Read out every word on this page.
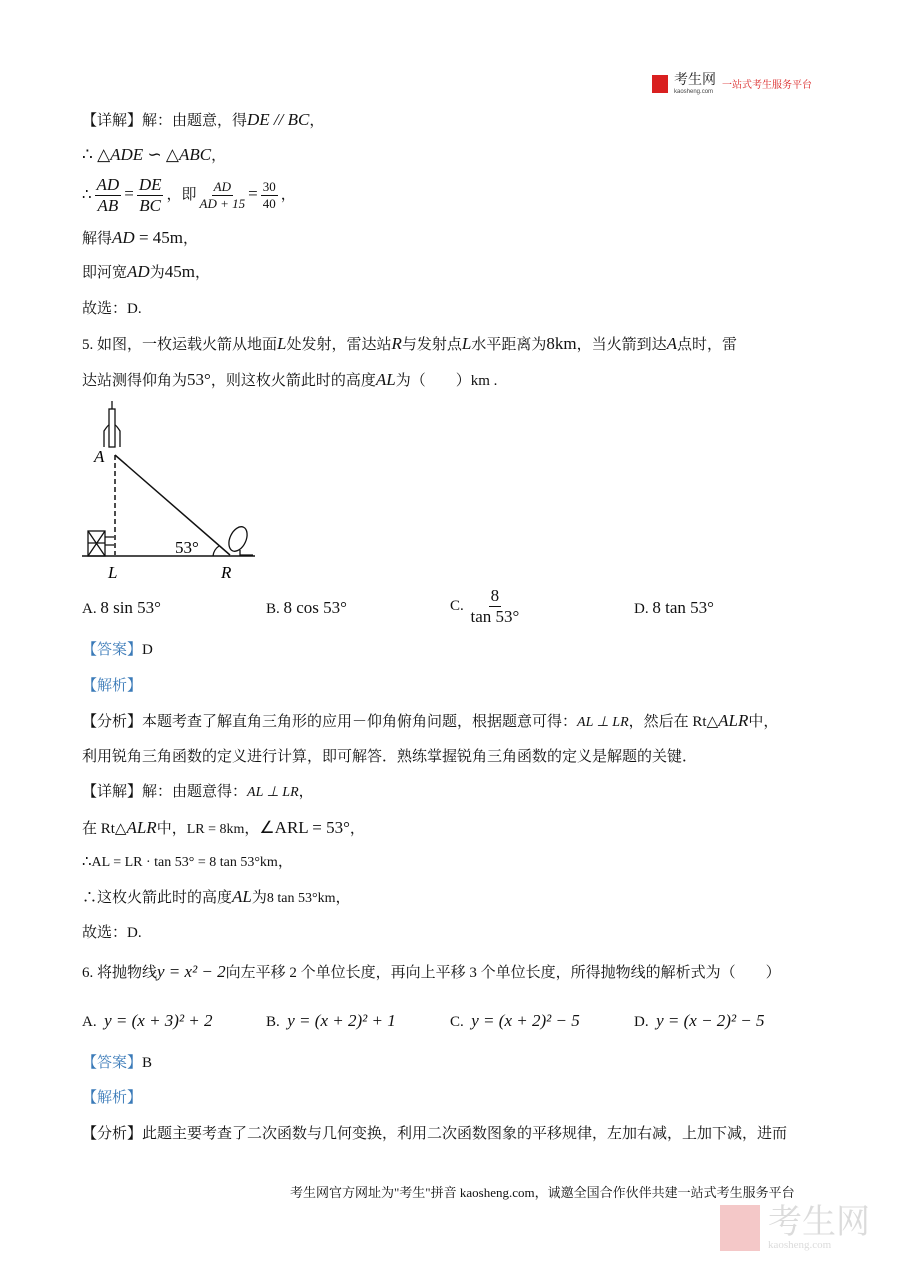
考生网
kaosheng.com
一站式考生服务平台
【详解】解：由题意，得DE // BC，
∴ △ADE ∽ △ABC，
∴ $\frac{AD}{AB} = \frac{DE}{BC}$ ，即 $\frac{AD}{AD + 15} = \frac{30}{40}$ ，
解得AD = 45m，
即河宽AD为45m，
故选：D.
5. 如图，一枚运载火箭从地面L处发射，雷达站R与发射点L水平距离为8km，当火箭到达A点时，雷
达站测得仰角为53°，则这枚火箭此时的高度AL为（　　）km .
A
L	R
53°
A. 8 sin 53°	B. 8 cos 53°	C. $\frac{8}{\tan 53^\circ}$	D. 8 tan 53°
【答案】D
【解析】
【分析】本题考查了解直角三角形的应用－仰角俯角问题，根据题意可得：AL ⊥ LR，然后在 Rt△ALR中，
利用锐角三角函数的定义进行计算，即可解答．熟练掌握锐角三角函数的定义是解题的关键．
【详解】解：由题意得：AL ⊥ LR，
在 Rt△ALR中，LR = 8km，∠ARL = 53°，
∴AL = LR · tan 53° = 8 tan 53°km，
∴这枚火箭此时的高度AL为8 tan 53°km，
故选：D.
6. 将抛物线y = x² − 2向左平移 2 个单位长度，再向上平移 3 个单位长度，所得抛物线的解析式为（　　）
A. y = (x + 3)² + 2	B. y = (x + 2)² + 1	C. y = (x + 2)² − 5	D. y = (x − 2)² − 5
【答案】B
【解析】
【分析】此题主要考查了二次函数与几何变换，利用二次函数图象的平移规律，左加右减，上加下减，进而
考生网官方网址为"考生"拼音 kaosheng.com，诚邀全国合作伙伴共建一站式考生服务平台
考生网
kaosheng.com
